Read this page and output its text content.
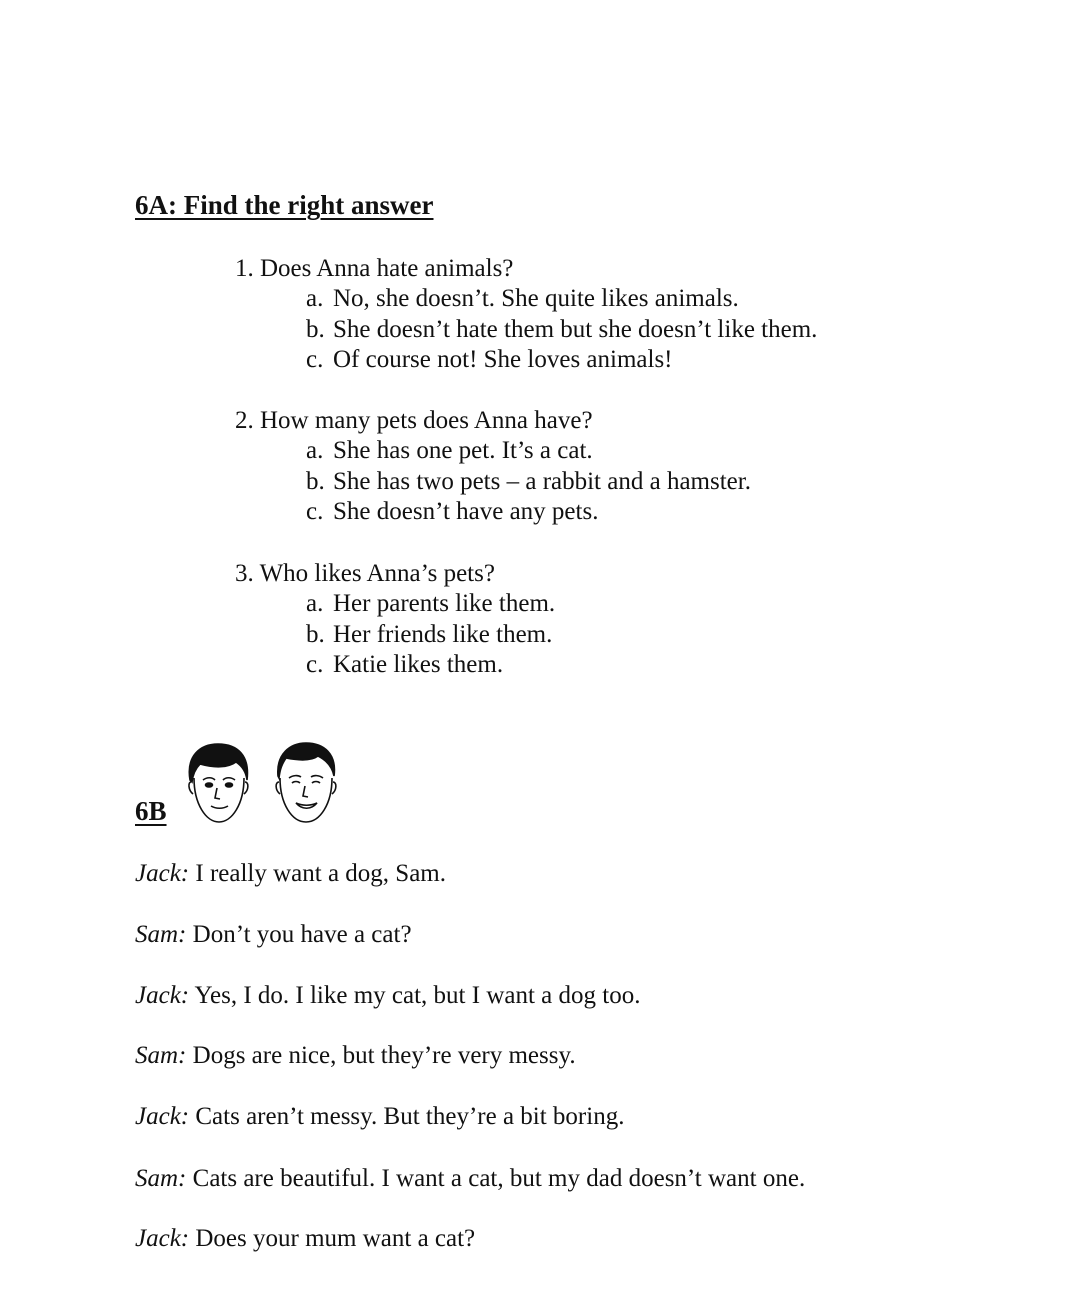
6A: Find the right answer
1. Does Anna hate animals?
a. No, she doesn’t. She quite likes animals.
b. She doesn’t hate them but she doesn’t like them.
c. Of course not! She loves animals!
2. How many pets does Anna have?
a. She has one pet. It’s a cat.
b. She has two pets – a rabbit and a hamster.
c. She doesn’t have any pets.
3. Who likes Anna’s pets?
a. Her parents like them.
b. Her friends like them.
c. Katie likes them.
6B

Jack: I really want a dog, Sam.

Sam: Don’t you have a cat?

Jack: Yes, I do. I like my cat, but I want a dog too.

Sam: Dogs are nice, but they’re very messy.

Jack: Cats aren’t messy. But they’re a bit boring.

Sam: Cats are beautiful. I want a cat, but my dad doesn’t want one.

Jack: Does your mum want a cat?
